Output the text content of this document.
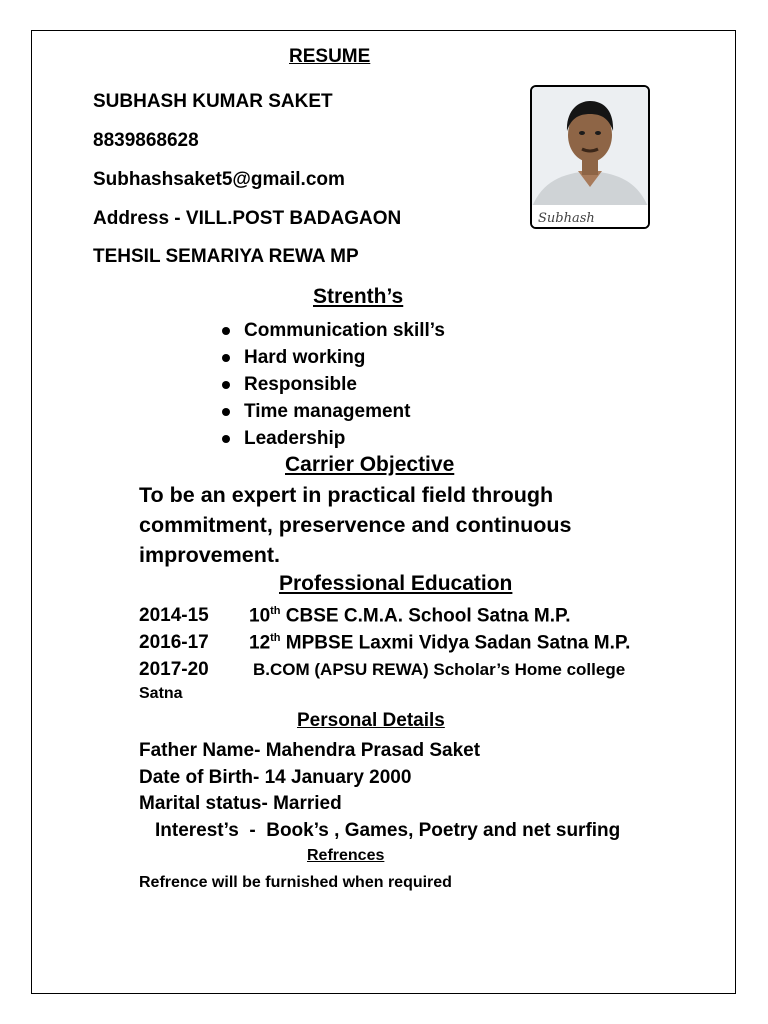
RESUME
SUBHASH KUMAR SAKET
8839868628
Subhashsaket5@gmail.com
Address - VILL.POST BADAGAON
TEHSIL SEMARIYA REWA MP
Subhash
Strenth’s
Communication skill’s
Hard working
Responsible
Time management
Leadership
Carrier Objective
To be an expert in practical field through commitment, preservence and continuous improvement.
Professional Education
2014-15 10th CBSE C.M.A. School Satna M.P.
2016-17 12th MPBSE Laxmi Vidya Sadan Satna M.P.
2017-20	B.COM (APSU REWA) Scholar’s Home college
Satna
Personal Details
Father Name- Mahendra Prasad Saket
Date of Birth- 14 January 2000
Marital status- Married
Interest’s  -  Book’s , Games, Poetry and net surfing
Refrences
Refrence will be furnished when required
